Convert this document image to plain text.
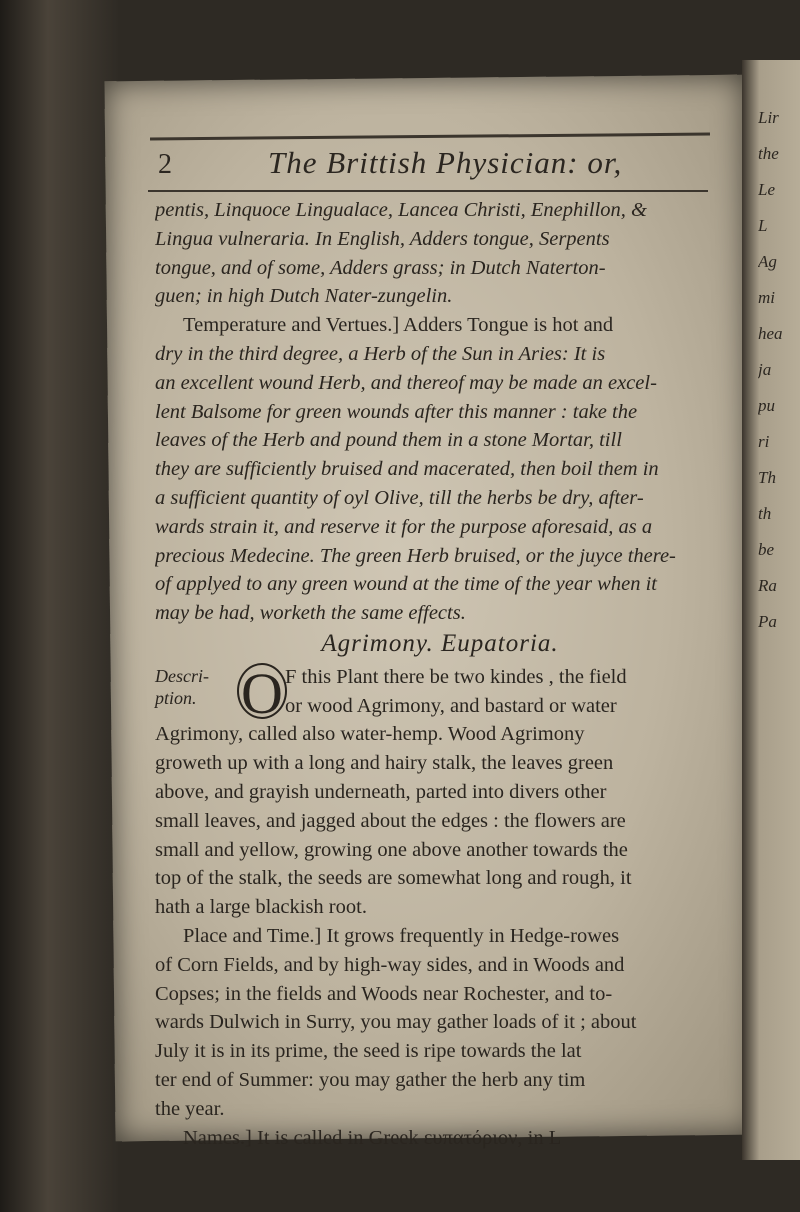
Lir
the
Le
L
Ag
mi
hea
ja
pu
ri
Th
th
be
Ra
Pa
2	The Brittish Physician: or,
pentis, Linquoce Lingualace, Lancea Christi, Enephillon, &
Lingua vulneraria. In English, Adders tongue, Serpents
tongue, and of some, Adders grass; in Dutch Naterton-
guen; in high Dutch Nater-zungelin.
Temperature and Vertues.] Adders Tongue is hot and
dry in the third degree, a Herb of the Sun in Aries: It is
an excellent wound Herb, and thereof may be made an excel-
lent Balsome for green wounds after this manner : take the
leaves of the Herb and pound them in a stone Mortar, till
they are sufficiently bruised and macerated, then boil them in
a sufficient quantity of oyl Olive, till the herbs be dry, after-
wards strain it, and reserve it for the purpose aforesaid, as a
precious Medecine. The green Herb bruised, or the juyce there-
of applyed to any green wound at the time of the year when it
may be had, worketh the same effects.
Agrimony. Eupatoria.
Descri-
ption. O F this Plant there be two kindes , the field
or wood Agrimony, and bastard or water
Agrimony, called also water-hemp. Wood Agrimony
groweth up with a long and hairy stalk, the leaves green
above, and grayish underneath, parted into divers other
small leaves, and jagged about the edges : the flowers are
small and yellow, growing one above another towards the
top of the stalk, the seeds are somewhat long and rough, it
hath a large blackish root.
Place and Time.] It grows frequently in Hedge-rowes
of Corn Fields, and by high-way sides, and in Woods and
Copses; in the fields and Woods near Rochester, and to-
wards Dulwich in Surry, you may gather loads of it ; about
July it is in its prime, the seed is ripe towards the lat
ter end of Summer: you may gather the herb any tim
the year.
Names.] It is called in Greek ευπατόριον, in L
